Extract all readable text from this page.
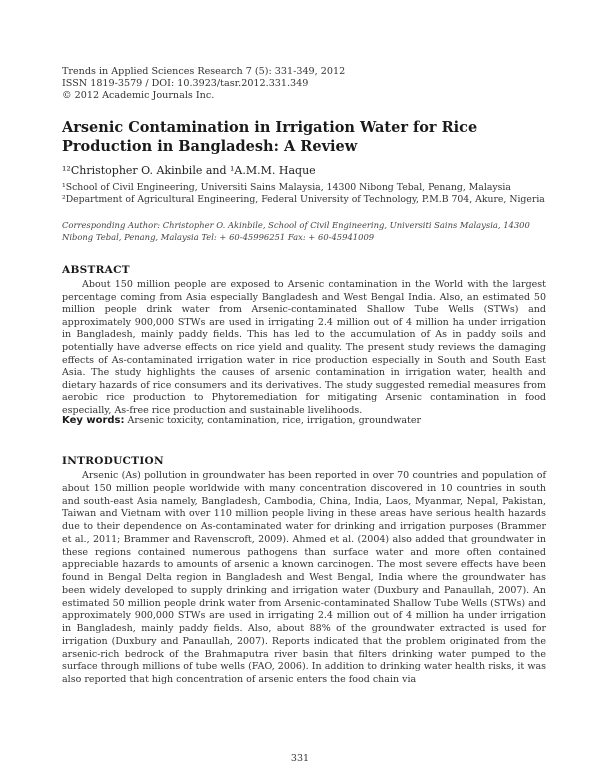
Trends in Applied Sciences Research 7 (5): 331-349, 2012
ISSN 1819-3579 / DOI: 10.3923/tasr.2012.331.349
© 2012 Academic Journals Inc.
Arsenic Contamination in Irrigation Water for Rice Production in Bangladesh: A Review
¹²Christopher O. Akinbile and ¹A.M.M. Haque
¹School of Civil Engineering, Universiti Sains Malaysia, 14300 Nibong Tebal, Penang, Malaysia
²Department of Agricultural Engineering, Federal University of Technology, P.M.B 704, Akure, Nigeria
Corresponding Author: Christopher O. Akinbile, School of Civil Engineering, Universiti Sains Malaysia, 14300 Nibong Tebal, Penang, Malaysia Tel: + 60-45996251 Fax: + 60-45941009
ABSTRACT
About 150 million people are exposed to Arsenic contamination in the World with the largest percentage coming from Asia especially Bangladesh and West Bengal India. Also, an estimated 50 million people drink water from Arsenic-contaminated Shallow Tube Wells (STWs) and approximately 900,000 STWs are used in irrigating 2.4 million out of 4 million ha under irrigation in Bangladesh, mainly paddy fields. This has led to the accumulation of As in paddy soils and potentially have adverse effects on rice yield and quality. The present study reviews the damaging effects of As-contaminated irrigation water in rice production especially in South and South East Asia. The study highlights the causes of arsenic contamination in irrigation water, health and dietary hazards of rice consumers and its derivatives. The study suggested remedial measures from aerobic rice production to Phytoremediation for mitigating Arsenic contamination in food especially, As-free rice production and sustainable livelihoods.
Key words: Arsenic toxicity, contamination, rice, irrigation, groundwater
INTRODUCTION
Arsenic (As) pollution in groundwater has been reported in over 70 countries and population of about 150 million people worldwide with many concentration discovered in 10 countries in south and south-east Asia namely, Bangladesh, Cambodia, China, India, Laos, Myanmar, Nepal, Pakistan, Taiwan and Vietnam with over 110 million people living in these areas have serious health hazards due to their dependence on As-contaminated water for drinking and irrigation purposes (Brammer et al., 2011; Brammer and Ravenscroft, 2009). Ahmed et al. (2004) also added that groundwater in these regions contained numerous pathogens than surface water and more often contained appreciable hazards to amounts of arsenic a known carcinogen. The most severe effects have been found in Bengal Delta region in Bangladesh and West Bengal, India where the groundwater has been widely developed to supply drinking and irrigation water (Duxbury and Panaullah, 2007). An estimated 50 million people drink water from Arsenic-contaminated Shallow Tube Wells (STWs) and approximately 900,000 STWs are used in irrigating 2.4 million out of 4 million ha under irrigation in Bangladesh, mainly paddy fields. Also, about 88% of the groundwater extracted is used for irrigation (Duxbury and Panaullah, 2007). Reports indicated that the problem originated from the arsenic-rich bedrock of the Brahmaputra river basin that filters drinking water pumped to the surface through millions of tube wells (FAO, 2006). In addition to drinking water health risks, it was also reported that high concentration of arsenic enters the food chain via
331
